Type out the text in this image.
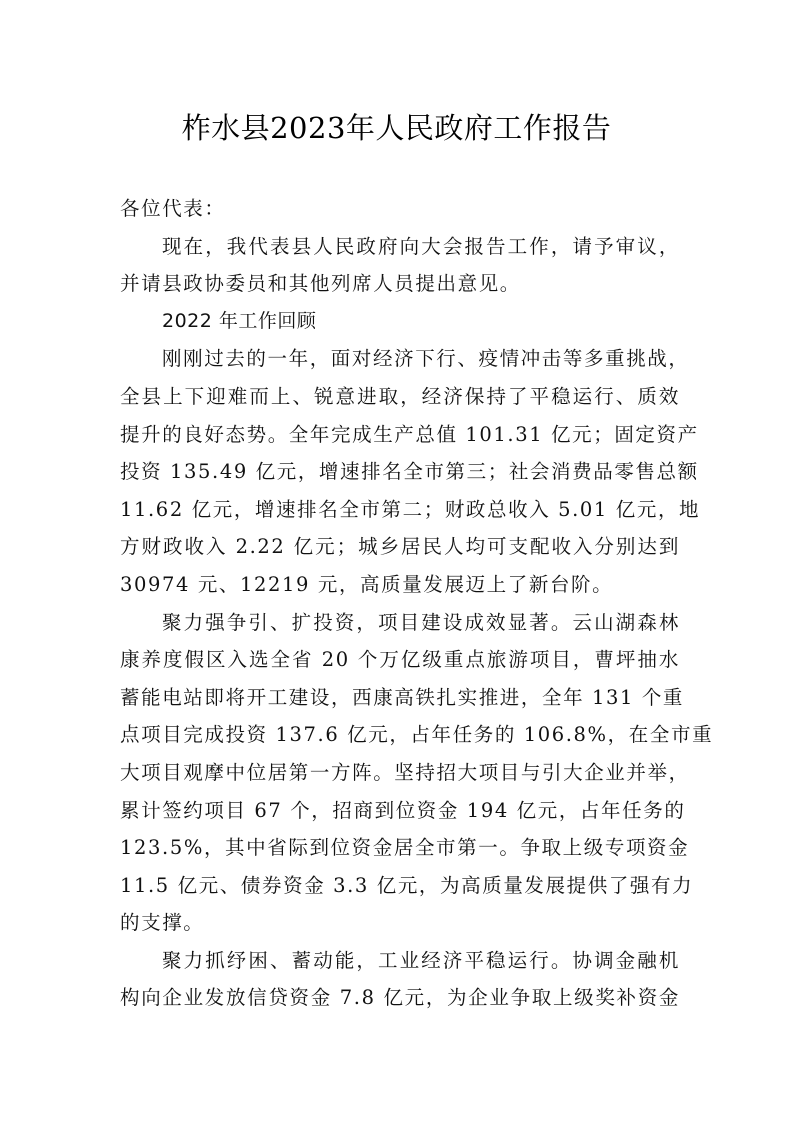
柞水县2023年人民政府工作报告
各位代表：
现在，我代表县人民政府向大会报告工作，请予审议，
并请县政协委员和其他列席人员提出意见。
2022 年工作回顾
刚刚过去的一年，面对经济下行、疫情冲击等多重挑战，
全县上下迎难而上、锐意进取，经济保持了平稳运行、质效
提升的良好态势。全年完成生产总值 101.31 亿元；固定资产
投资 135.49 亿元，增速排名全市第三；社会消费品零售总额
11.62 亿元，增速排名全市第二；财政总收入 5.01 亿元，地
方财政收入 2.22 亿元；城乡居民人均可支配收入分别达到
30974 元、12219 元，高质量发展迈上了新台阶。
聚力强争引、扩投资，项目建设成效显著。云山湖森林
康养度假区入选全省 20 个万亿级重点旅游项目，曹坪抽水
蓄能电站即将开工建设，西康高铁扎实推进，全年 131 个重
点项目完成投资 137.6 亿元，占年任务的 106.8%，在全市重
大项目观摩中位居第一方阵。坚持招大项目与引大企业并举，
累计签约项目 67 个，招商到位资金 194 亿元，占年任务的
123.5%，其中省际到位资金居全市第一。争取上级专项资金
11.5 亿元、债券资金 3.3 亿元，为高质量发展提供了强有力
的支撑。
聚力抓纾困、蓄动能，工业经济平稳运行。协调金融机
构向企业发放信贷资金 7.8 亿元，为企业争取上级奖补资金
